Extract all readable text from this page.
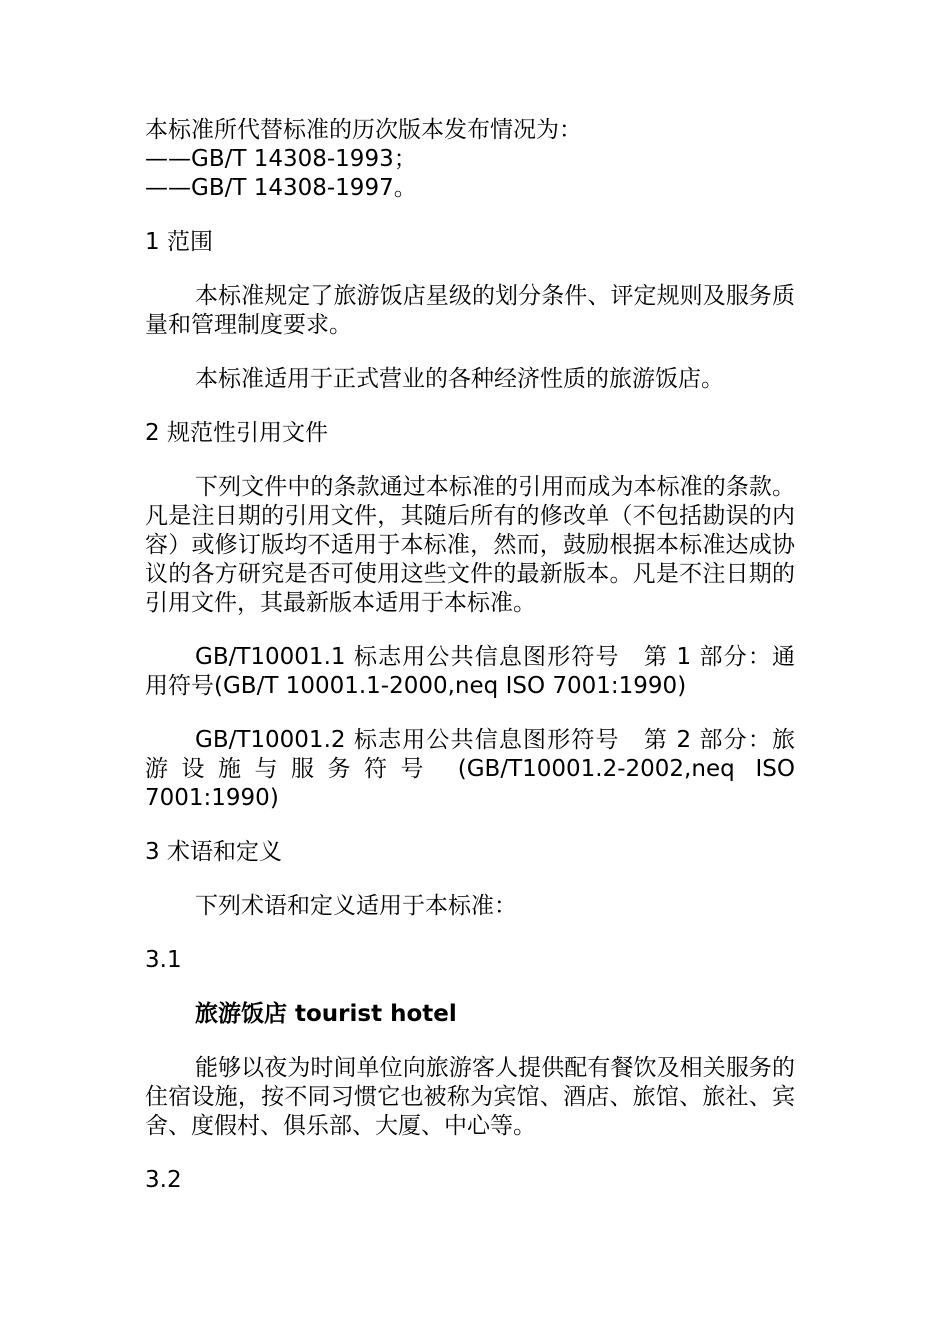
本标准所代替标准的历次版本发布情况为：

——GB/T 14308-1993；

——GB/T 14308-1997。

1 范围

本标准规定了旅游饭店星级的划分条件、评定规则及服务质量和管理制度要求。

本标准适用于正式营业的各种经济性质的旅游饭店。

2 规范性引用文件

下列文件中的条款通过本标准的引用而成为本标准的条款。凡是注日期的引用文件，其随后所有的修改单（不包括勘误的内容）或修订版均不适用于本标准，然而，鼓励根据本标准达成协议的各方研究是否可使用这些文件的最新版本。凡是不注日期的引用文件，其最新版本适用于本标准。

GB/T10001.1 标志用公共信息图形符号　第 1 部分：通用符号(GB/T 10001.1-2000,neq ISO 7001:1990)

GB/T10001.2 标志用公共信息图形符号　第 2 部分：旅游设施与服务符号 (GB/T10001.2-2002,neq ISO 7001:1990)

3 术语和定义

下列术语和定义适用于本标准：

3.1

旅游饭店 tourist hotel

能够以夜为时间单位向旅游客人提供配有餐饮及相关服务的住宿设施，按不同习惯它也被称为宾馆、酒店、旅馆、旅社、宾舍、度假村、俱乐部、大厦、中心等。

3.2
